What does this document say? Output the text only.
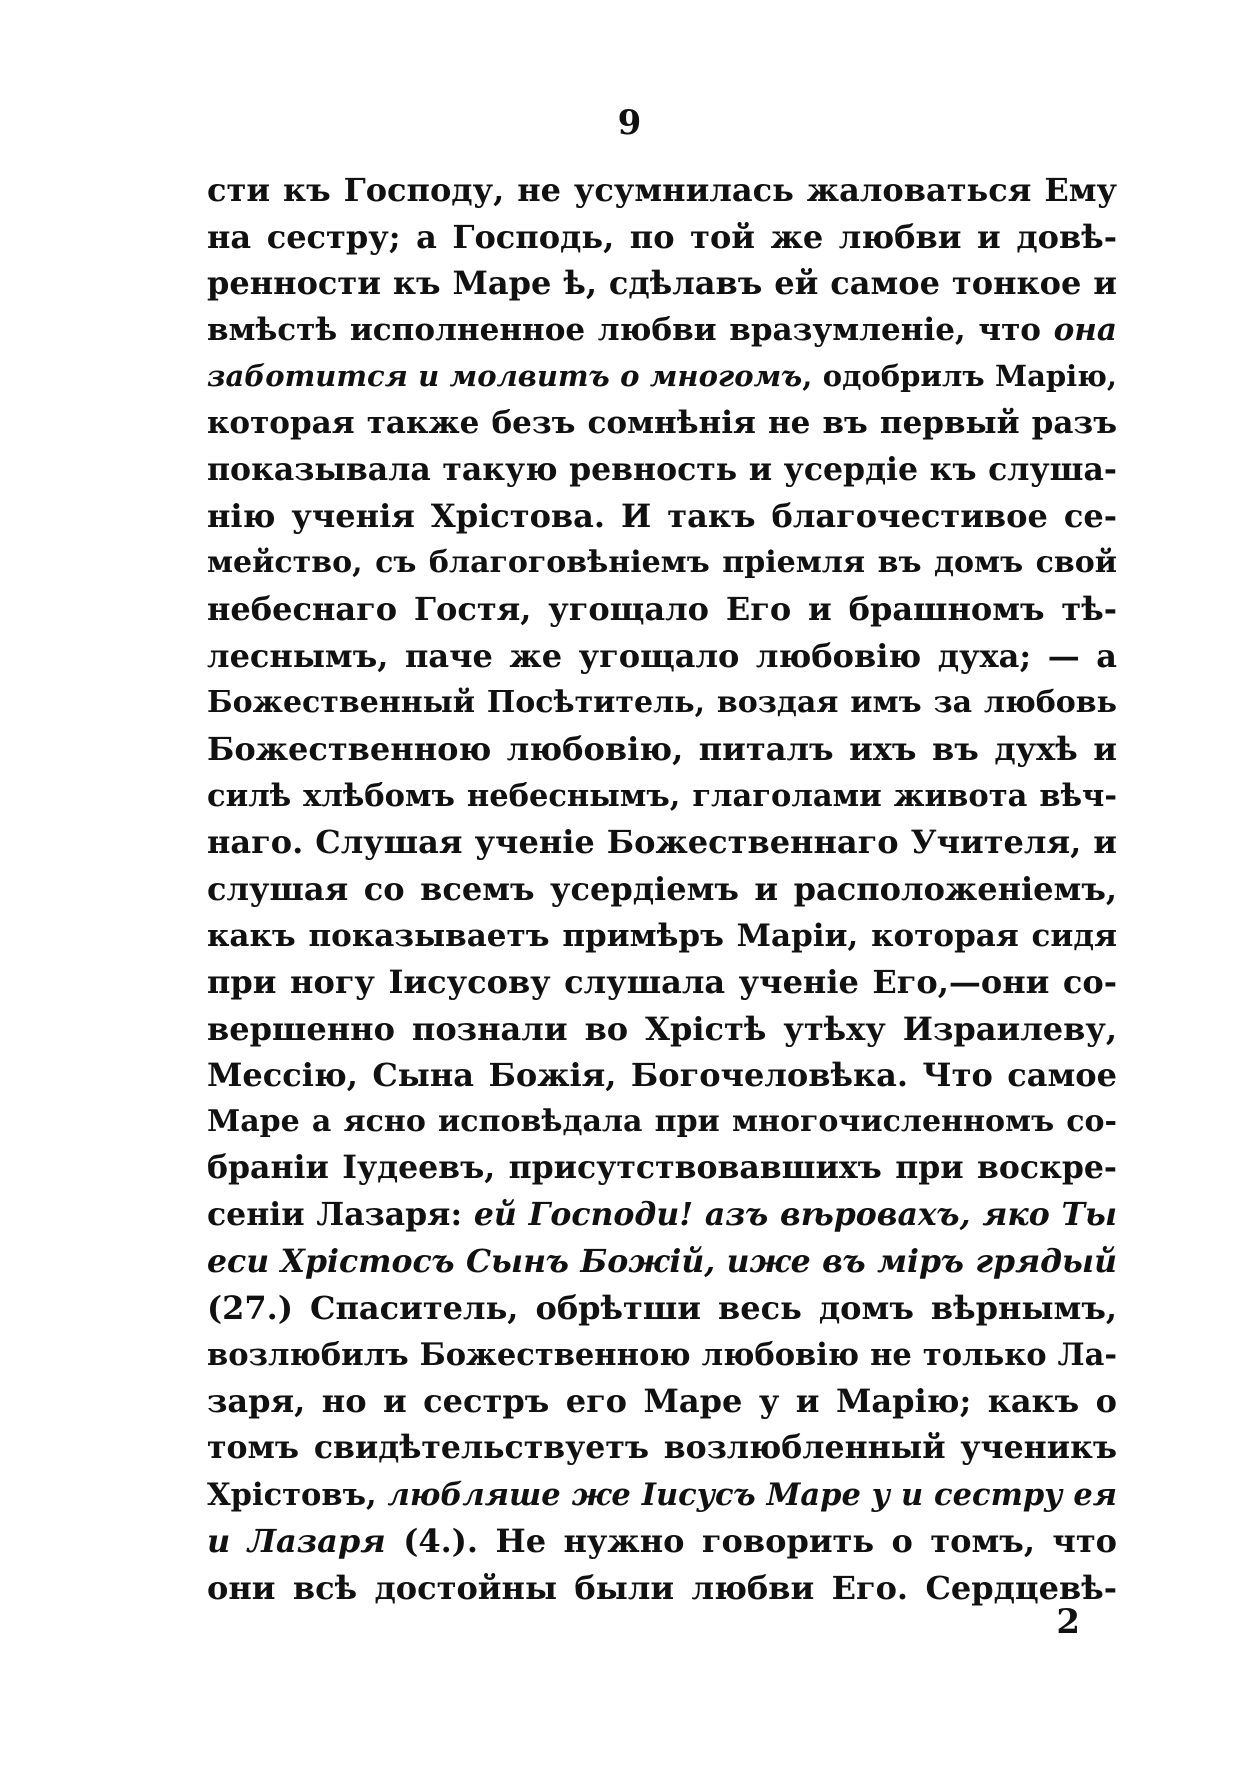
9
сти къ Господу, не усумнилась жаловаться Ему
на сестру; а Господь, по той же любви и довѣ-
ренности къ Маре ѣ, сдѣлавъ ей самое тонкое и
вмѣстѣ исполненное любви вразумленіе, что она
заботится и молвитъ о многомъ, одобрилъ Марію,
которая также безъ сомнѣнія не въ первый разъ
показывала такую ревность и усердіе къ слуша-
нію ученія Хрістова. И такъ благочестивое се-
мейство, съ благоговѣніемъ пріемля въ домъ свой
небеснаго Гостя, угощало Его и брашномъ тѣ-
леснымъ, паче же угощало любовію духа; — а
Божественный Посѣтитель, воздая имъ за любовь
Божественною любовію, питалъ ихъ въ духѣ и
силѣ хлѣбомъ небеснымъ, глаголами живота вѣч-
наго. Слушая ученіе Божественнаго Учителя, и
слушая со всемъ усердіемъ и расположеніемъ,
какъ показываетъ примѣръ Маріи, которая сидя
при ногу Іисусову слушала ученіе Его,—они со-
вершенно познали во Хрістѣ утѣху Израилеву,
Мессію, Сына Божія, Богочеловѣка. Что самое
Маре а ясно исповѣдала при многочисленномъ со-
браніи Іудеевъ, присутствовавшихъ при воскре-
сеніи Лазаря: ей Господи! азъ вѣровахъ, яко Ты
еси Хрістосъ Сынъ Божій, иже въ міръ грядый
(27.) Спаситель, обрѣтши весь домъ вѣрнымъ,
возлюбилъ Божественною любовію не только Ла-
заря, но и сестръ его Маре у и Марію; какъ о
томъ свидѣтельствуетъ возлюбленный ученикъ
Хрістовъ, любляше же Іисусъ Маре у и сестру ея
и Лазаря (4.). Не нужно говорить о томъ, что
они всѣ достойны были любви Его. Сердцевѣ-
2
